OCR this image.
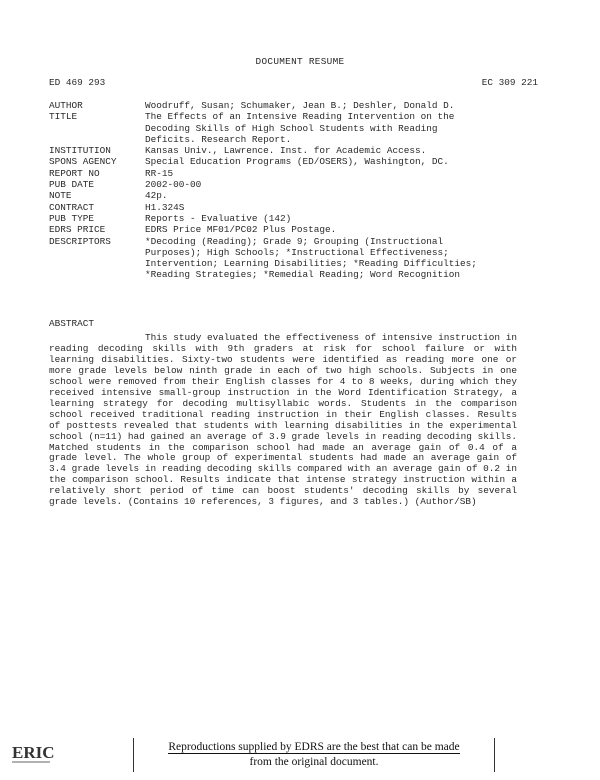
DOCUMENT RESUME
ED 469 293	EC 309 221
AUTHOR	Woodruff, Susan; Schumaker, Jean B.; Deshler, Donald D.
TITLE	The Effects of an Intensive Reading Intervention on the
Decoding Skills of High School Students with Reading
Deficits. Research Report.
INSTITUTION	Kansas Univ., Lawrence. Inst. for Academic Access.
SPONS AGENCY	Special Education Programs (ED/OSERS), Washington, DC.
REPORT NO	RR-15
PUB DATE	2002-00-00
NOTE	42p.
CONTRACT	H1.324S
PUB TYPE	Reports - Evaluative (142)
EDRS PRICE	EDRS Price MF01/PC02 Plus Postage.
DESCRIPTORS	*Decoding (Reading); Grade 9; Grouping (Instructional
Purposes); High Schools; *Instructional Effectiveness;
Intervention; Learning Disabilities; *Reading Difficulties;
*Reading Strategies; *Remedial Reading; Word Recognition
ABSTRACT
This study evaluated the effectiveness of intensive instruction in reading decoding skills with 9th graders at risk for school failure or with learning disabilities. Sixty-two students were identified as reading more one or more grade levels below ninth grade in each of two high schools. Subjects in one school were removed from their English classes for 4 to 8 weeks, during which they received intensive small-group instruction in the Word Identification Strategy, a learning strategy for decoding multisyllabic words. Students in the comparison school received traditional reading instruction in their English classes. Results of posttests revealed that students with learning disabilities in the experimental school (n=11) had gained an average of 3.9 grade levels in reading decoding skills. Matched students in the comparison school had made an average gain of 0.4 of a grade level. The whole group of experimental students had made an average gain of 3.4 grade levels in reading decoding skills compared with an average gain of 0.2 in the comparison school. Results indicate that intense strategy instruction within a relatively short period of time can boost students' decoding skills by several grade levels. (Contains 10 references, 3 figures, and 3 tables.) (Author/SB)
ERIC	Reproductions supplied by EDRS are the best that can be made
from the original document.
